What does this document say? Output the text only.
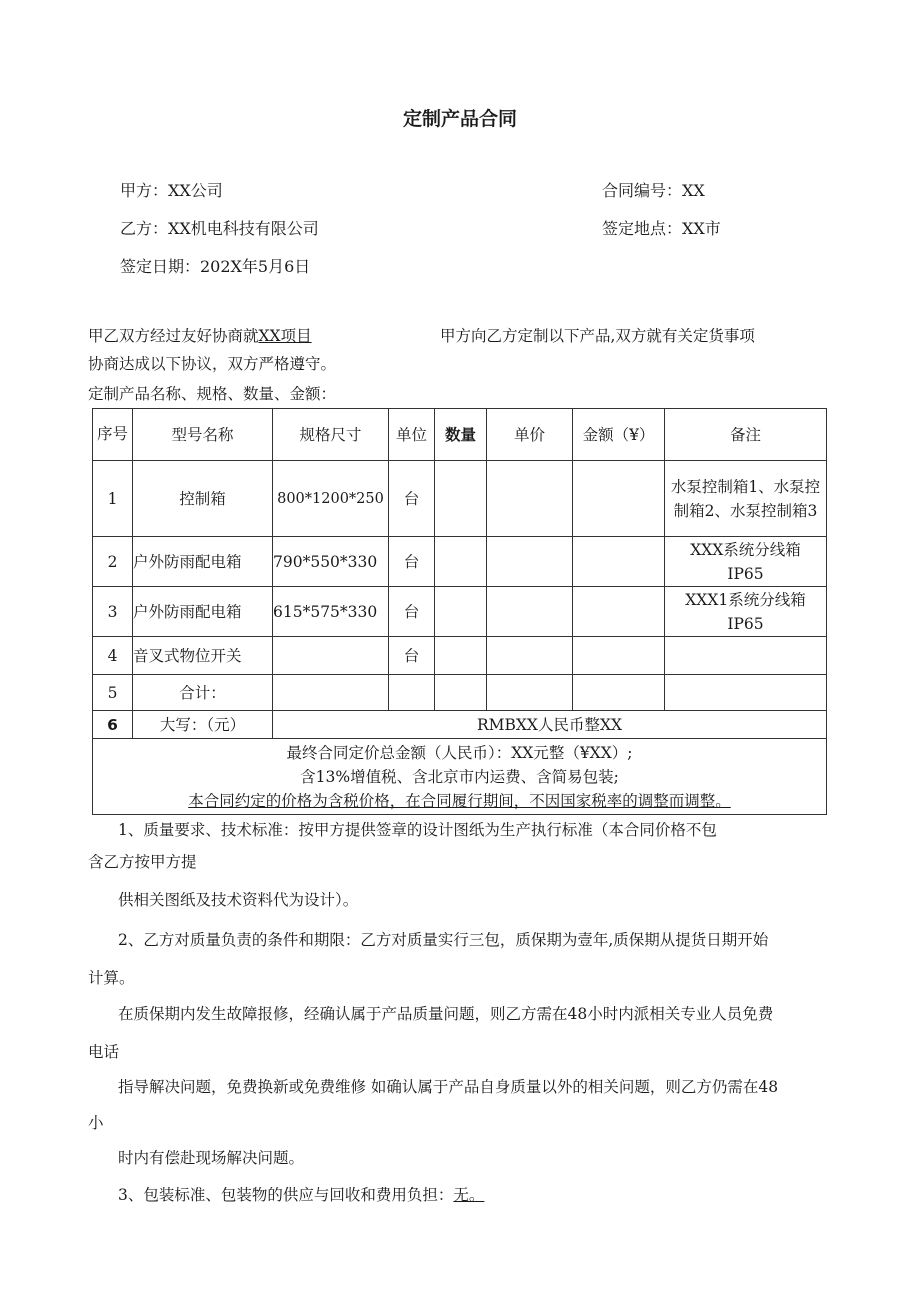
定制产品合同
甲方：XX公司	合同编号：XX
乙方：XX机电科技有限公司	签定地点：XX市
签定日期：202X年5月6日
甲乙双方经过友好协商就XX项目	甲方向乙方定制以下产品,双方就有关定货事项
协商达成以下协议，双方严格遵守。
定制产品名称、规格、数量、金额：
序号	型号名称	规格尺寸	单位	数量	单价	金额（¥）	备注
1	控制箱	800*1200*250	台				水泵控制箱1、水泵控制箱2、水泵控制箱3
2	户外防雨配电箱	790*550*330	台				XXX系统分线箱IP65
3	户外防雨配电箱	615*575*330	台				XXX1系统分线箱IP65
4	音叉式物位开关		台				
5	合计：						
6	大写：（元）	RMBXX人民币整XX					

最终合同定价总金额（人民币）：XX元整（¥XX）;
含13%增值税、含北京市内运费、含简易包装;
本合同约定的价格为含税价格，在合同履行期间，不因国家税率的调整而调整。							
1、质量要求、技术标准：按甲方提供签章的设计图纸为生产执行标准（本合同价格不包
含乙方按甲方提
供相关图纸及技术资料代为设计）。
2、乙方对质量负责的条件和期限：乙方对质量实行三包，质保期为壹年,质保期从提货日期开始
计算。
在质保期内发生故障报修，经确认属于产品质量问题，则乙方需在48小时内派相关专业人员免费
电话
指导解决问题，免费换新或免费维修 如确认属于产品自身质量以外的相关问题，则乙方仍需在48
小
时内有偿赴现场解决问题。
3、包装标准、包装物的供应与回收和费用负担：无。
